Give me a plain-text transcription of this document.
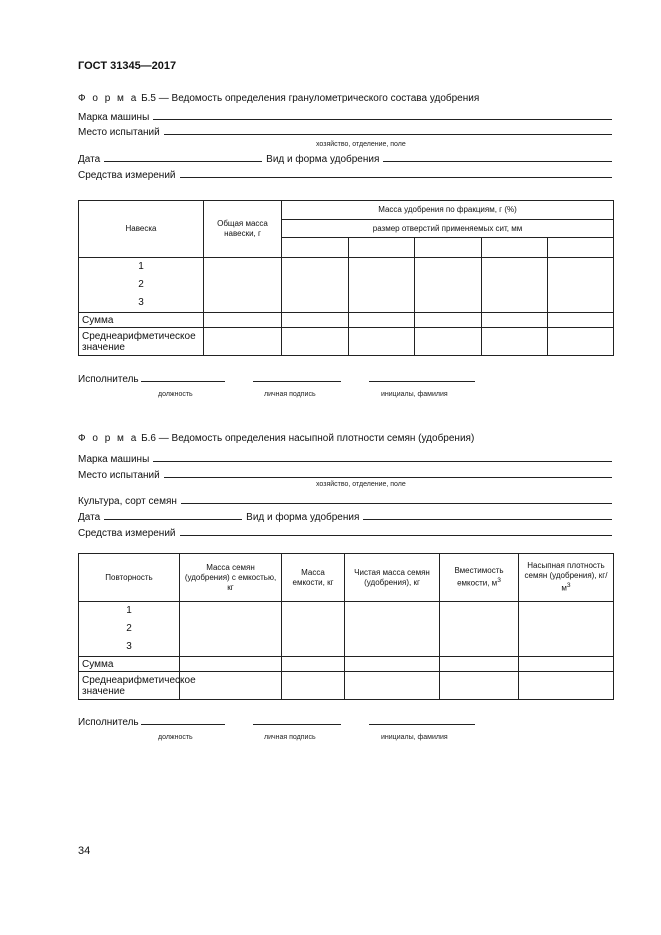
ГОСТ 31345—2017
Ф о р м а Б.5 — Ведомость определения гранулометрического состава удобрения
Марка машины
Место испытаний
хозяйство, отделение, поле
Дата	Вид и форма удобрения
Средства измерений
Навеска	Общая масса навески, г	Масса удобрения по фракциям, г (%)				
		размер отверстий применяемых сит, мм				

1
2
3						

Сумма						
Среднеарифметическое значение						
Исполнитель
должность	личная подпись	инициалы, фамилия
Ф о р м а Б.6 — Ведомость определения насыпной плотности семян (удобрения)
Марка машины
Место испытаний
хозяйство, отделение, поле
Культура, сорт семян
Дата	Вид и форма удобрения
Средства измерений
Повторность	Масса семян (удобрения) с емкостью, кг	Масса емкости, кг	Чистая масса семян (удобрения), кг	Вместимость емкости, $м^3$	Насыпная плотность семян (удобрения), $кг/м^3$

1
2
3					

Сумма					
Среднеарифметическое значение					
Исполнитель
должность	личная подпись	инициалы, фамилия
34
